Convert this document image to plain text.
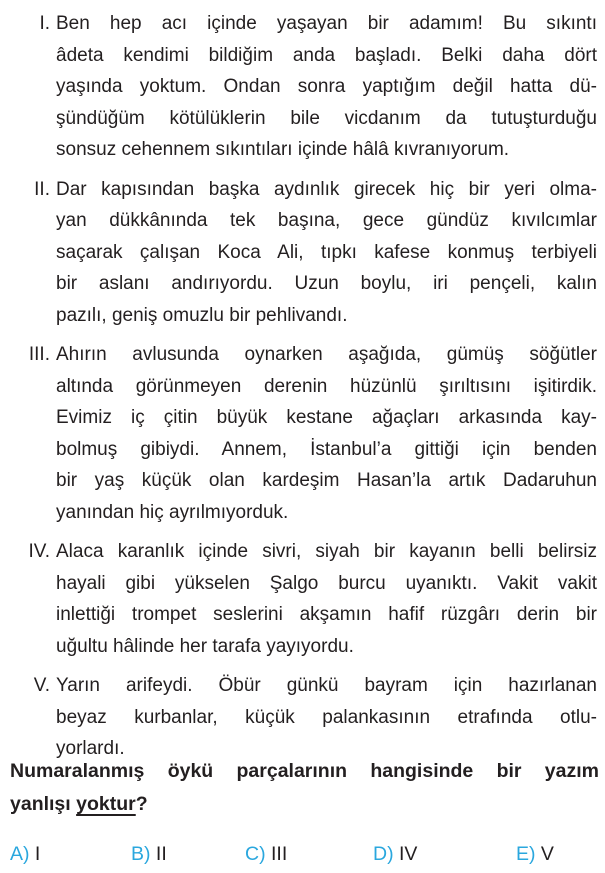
I. Ben hep acı içinde yaşayan bir adamım! Bu sıkıntı
âdeta kendimi bildiğim anda başladı. Belki daha dört
yaşında yoktum. Ondan sonra yaptığım değil hatta dü-
şündüğüm kötülüklerin bile vicdanım da tutuşturduğu
sonsuz cehennem sıkıntıları içinde hâlâ kıvranıyorum.
II. Dar kapısından başka aydınlık girecek hiç bir yeri olma-
yan dükkânında tek başına, gece gündüz kıvılcımlar
saçarak çalışan Koca Ali, tıpkı kafese konmuş terbiyeli
bir aslanı andırıyordu. Uzun boylu, iri pençeli, kalın
pazılı, geniş omuzlu bir pehlivandı.
III. Ahırın avlusunda oynarken aşağıda, gümüş söğütler
altında görünmeyen derenin hüzünlü şırıltısını işitirdik.
Evimiz iç çitin büyük kestane ağaçları arkasında kay-
bolmuş gibiydi. Annem, İstanbul’a gittiği için benden
bir yaş küçük olan kardeşim Hasan’la artık Dadaruhun
yanından hiç ayrılmıyorduk.
IV. Alaca karanlık içinde sivri, siyah bir kayanın belli belirsiz
hayali gibi yükselen Şalgo burcu uyanıktı. Vakit vakit
inlettiği trompet seslerini akşamın hafif rüzgârı derin bir
uğultu hâlinde her tarafa yayıyordu.
V. Yarın arifeydi. Öbür günkü bayram için hazırlanan
beyaz kurbanlar, küçük palankasının etrafında otlu-
yorlardı.
Numaralanmış öykü parçalarının hangisinde bir yazım
yanlışı yoktur?
A) I	B) II	C) III	D) IV	E) V
